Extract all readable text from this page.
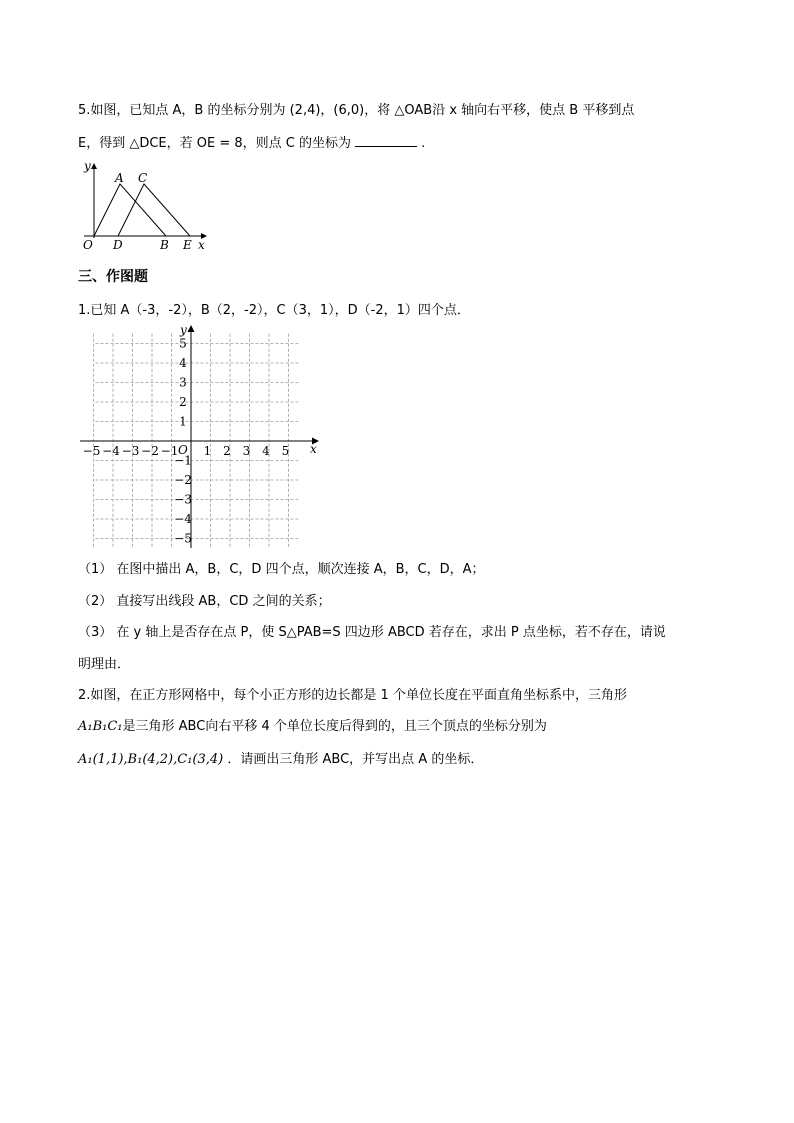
5.如图，已知点 A，B 的坐标分别为 (2,4)，(6,0)，将 △OAB沿 x 轴向右平移，使点 B 平移到点
E，得到 △DCE，若 OE = 8，则点 C 的坐标为	.
y
x
O
A C
D	B E
三、作图题
1.已知 A（-3，-2），B（2，-2），C（3，1），D（-2，1）四个点．
x
y
O
−5 −4 −3 −2 −1 1 2 3 4 5
5
4
3
2
1
−1
−2
−3
−4
−5
（1） 在图中描出 A，B，C，D 四个点，顺次连接 A，B，C，D，A；
（2） 直接写出线段 AB，CD 之间的关系；
（3） 在 y 轴上是否存在点 P，使 S△PAB=S 四边形 ABCD 若存在，求出 P 点坐标，若不存在，请说
明理由．
2.如图，在正方形网格中，每个小正方形的边长都是 1 个单位长度在平面直角坐标系中，三角形
A₁B₁C₁是三角形 ABC向右平移 4 个单位长度后得到的，且三个顶点的坐标分别为
A₁(1,1),B₁(4,2),C₁(3,4) ．请画出三角形 ABC，并写出点 A 的坐标．
